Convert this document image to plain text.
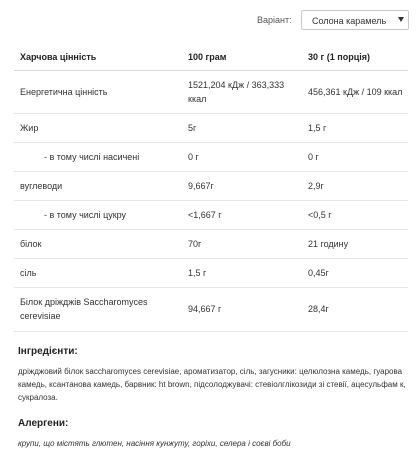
Варіант: Солона карамель
Харчова цінність	100 грам	30 г (1 порція)
Енергетична цінність	1521,204 кДж / 363,333 ккал	456,361 кДж / 109 ккал
Жир	5г	1,5 г
- в тому числі насичені	0 г	0 г
вуглеводи	9,667г	2,9г
- в тому числі цукру	<1,667 г	<0,5 г
білок	70г	21 годину
сіль	1,5 г	0,45г
Білок дріжджів Saccharomyces cerevisiae	94,667 г	28,4г
Інгредієнти:
дріжджовий білок saccharomyces cerevisiae, ароматизатор, сіль, загусники: целюлозна камедь, гуарова камедь, ксантанова камедь, барвник: ht brown, підсолоджувачі: стевіолглікозиди зі стевії, ацесульфам к, сукралоза.
Алергени:
крупи, що містять глютен, насіння кунжуту, горіхи, селера і соєві боби
